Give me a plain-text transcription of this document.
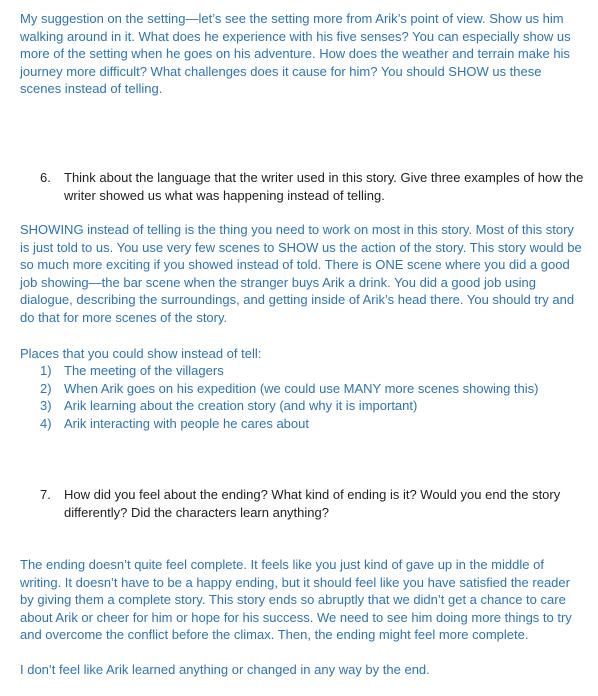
My suggestion on the setting—let’s see the setting more from Arik’s point of view. Show us him walking around in it. What does he experience with his five senses? You can especially show us more of the setting when he goes on his adventure. How does the weather and terrain make his journey more difficult? What challenges does it cause for him? You should SHOW us these scenes instead of telling.
6.	Think about the language that the writer used in this story. Give three examples of how the writer showed us what was happening instead of telling.
SHOWING instead of telling is the thing you need to work on most in this story. Most of this story is just told to us. You use very few scenes to SHOW us the action of the story. This story would be so much more exciting if you showed instead of told. There is ONE scene where you did a good job showing—the bar scene when the stranger buys Arik a drink. You did a good job using dialogue, describing the surroundings, and getting inside of Arik’s head there. You should try and do that for more scenes of the story.
Places that you could show instead of tell:
1) The meeting of the villagers
2) When Arik goes on his expedition (we could use MANY more scenes showing this)
3) Arik learning about the creation story (and why it is important)
4) Arik interacting with people he cares about
7.	How did you feel about the ending? What kind of ending is it? Would you end the story differently? Did the characters learn anything?
The ending doesn’t quite feel complete. It feels like you just kind of gave up in the middle of writing. It doesn’t have to be a happy ending, but it should feel like you have satisfied the reader by giving them a complete story. This story ends so abruptly that we didn’t get a chance to care about Arik or cheer for him or hope for his success. We need to see him doing more things to try and overcome the conflict before the climax. Then, the ending might feel more complete.
I don’t feel like Arik learned anything or changed in any way by the end.
